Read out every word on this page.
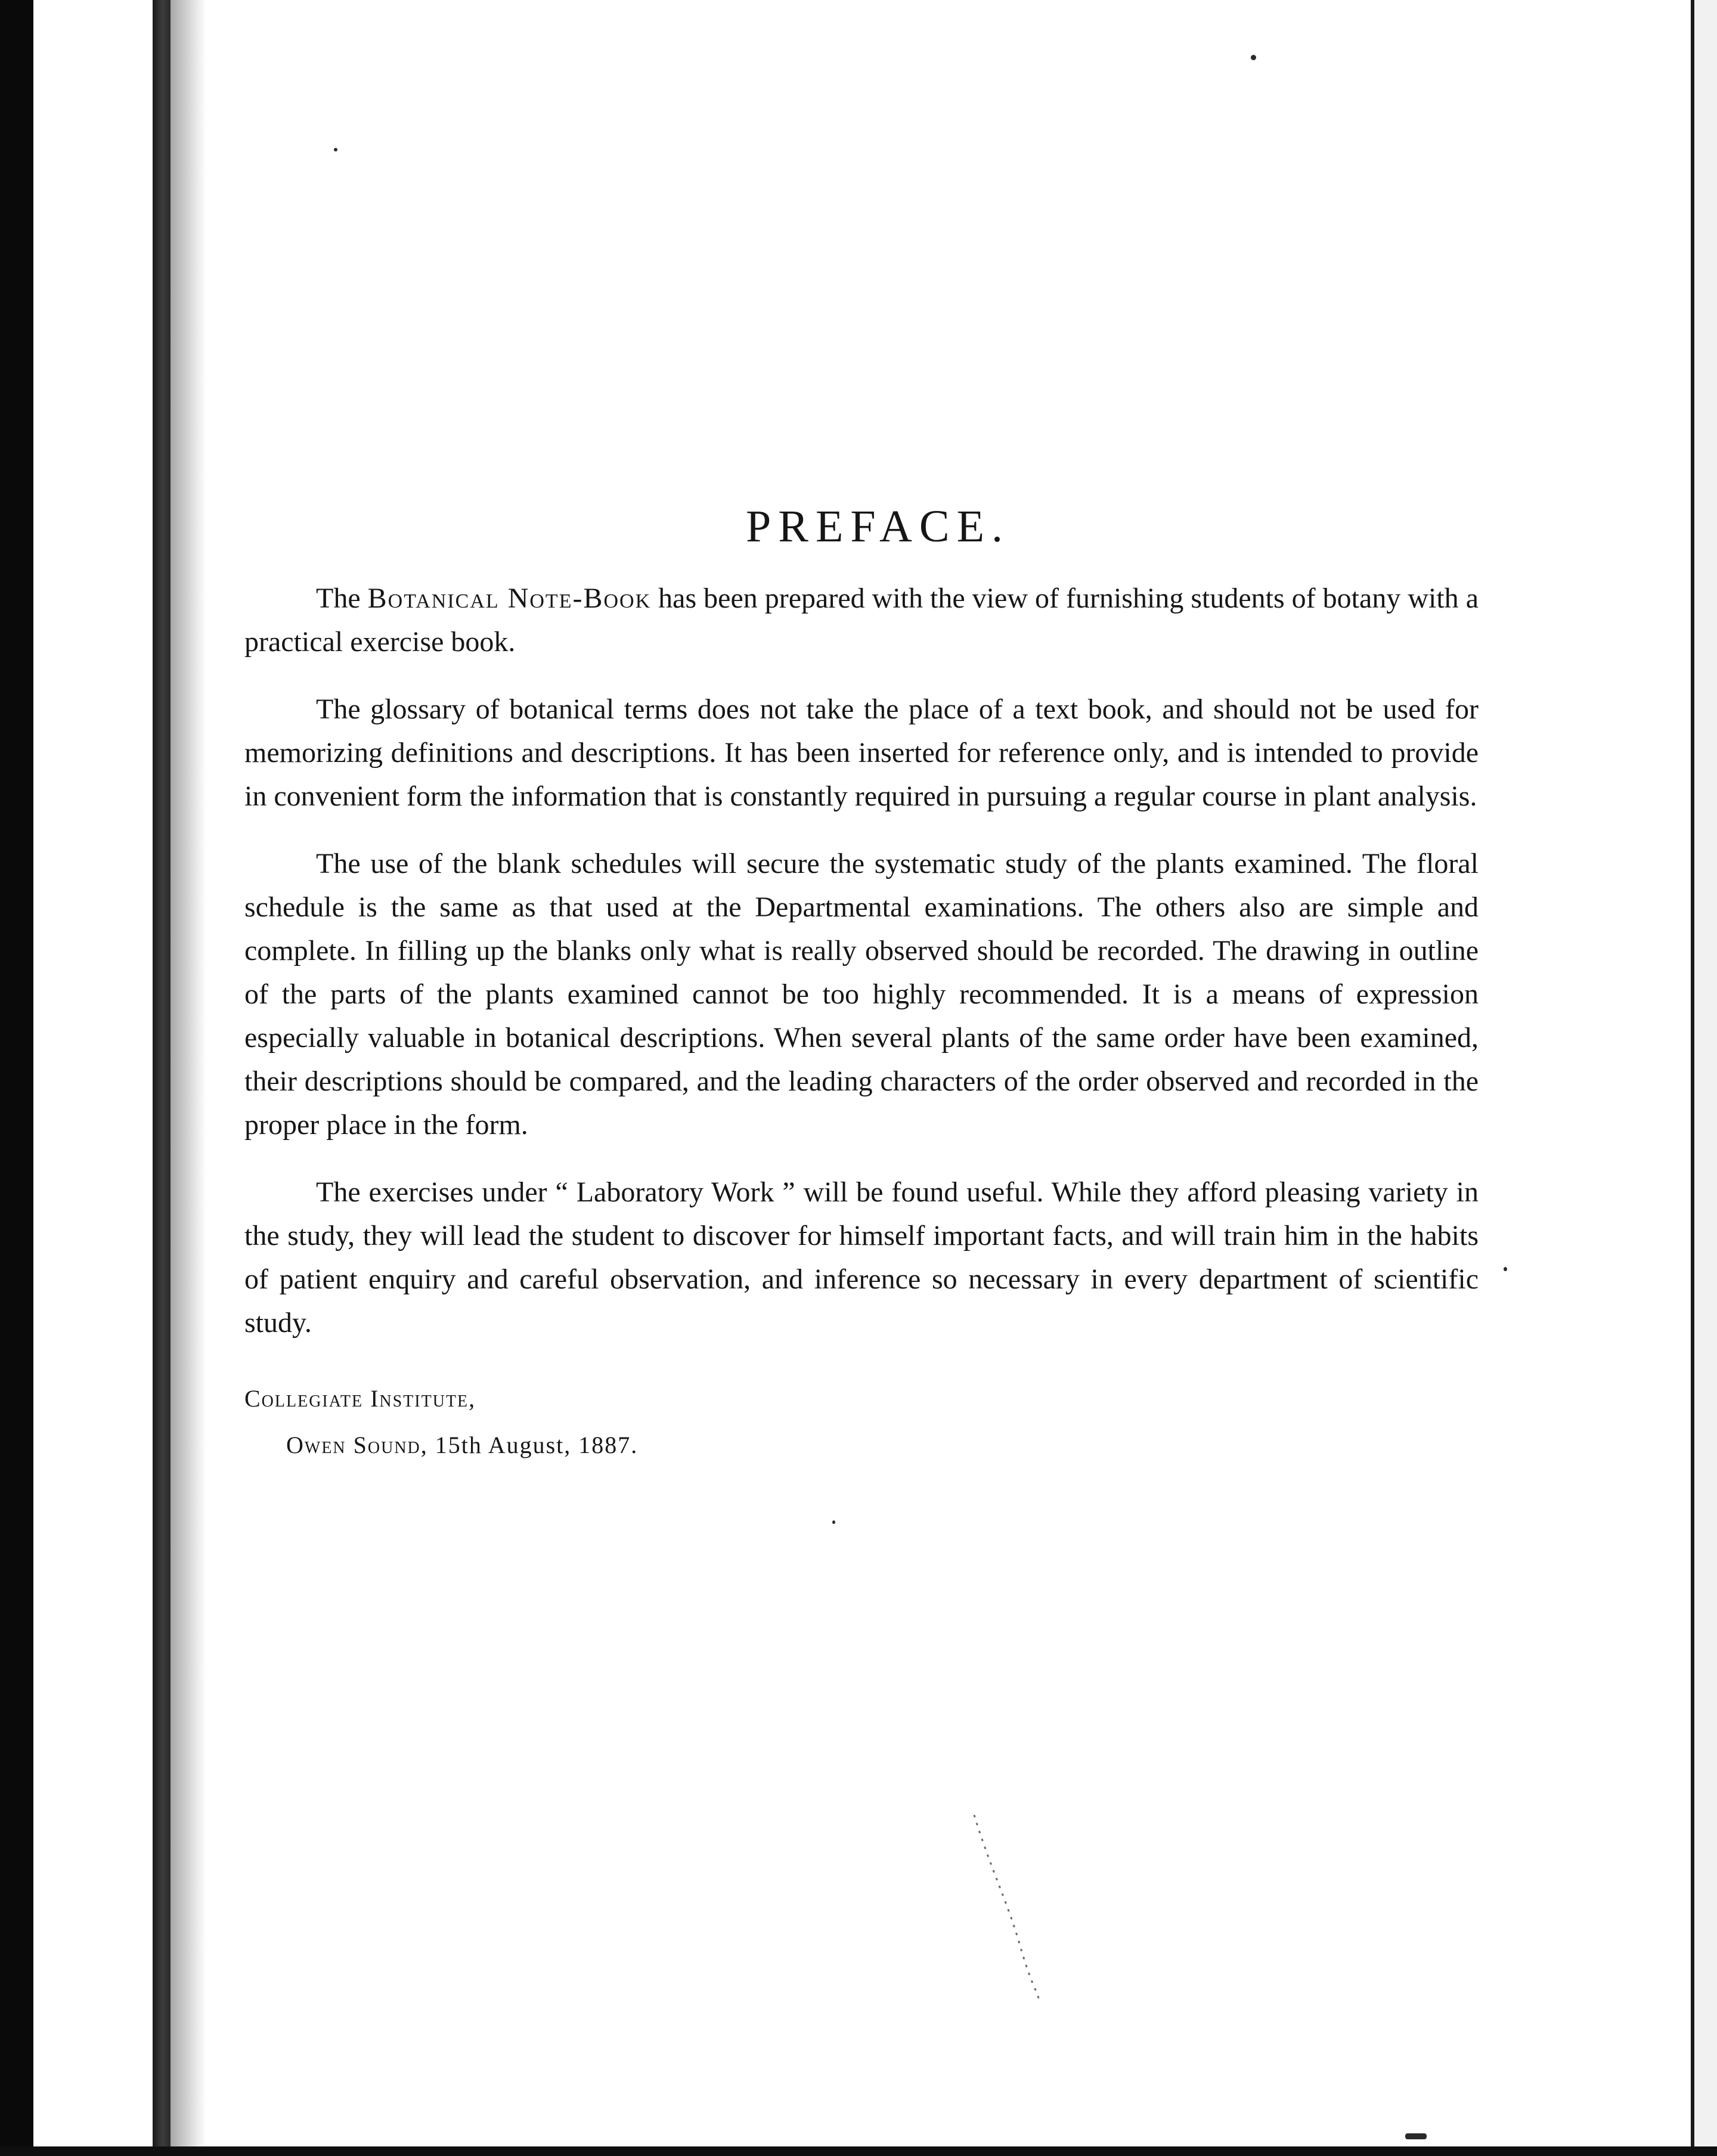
PREFACE.

The Botanical Note-Book has been prepared with the view of furnishing students of botany with a practical exercise book.

The glossary of botanical terms does not take the place of a text book, and should not be used for memorizing definitions and descriptions. It has been inserted for reference only, and is intended to provide in convenient form the information that is constantly required in pursuing a regular course in plant analysis.

The use of the blank schedules will secure the systematic study of the plants examined. The floral schedule is the same as that used at the Departmental examinations. The others also are simple and complete. In filling up the blanks only what is really observed should be recorded. The drawing in outline of the parts of the plants examined cannot be too highly recommended. It is a means of expression especially valuable in botanical descriptions. When several plants of the same order have been examined, their descriptions should be compared, and the leading characters of the order observed and recorded in the proper place in the form.

The exercises under “ Laboratory Work ” will be found useful. While they afford pleasing variety in the study, they will lead the student to discover for himself important facts, and will train him in the habits of patient enquiry and careful observation, and inference so necessary in every department of scientific study.

Collegiate Institute,
Owen Sound, 15th August, 1887.
